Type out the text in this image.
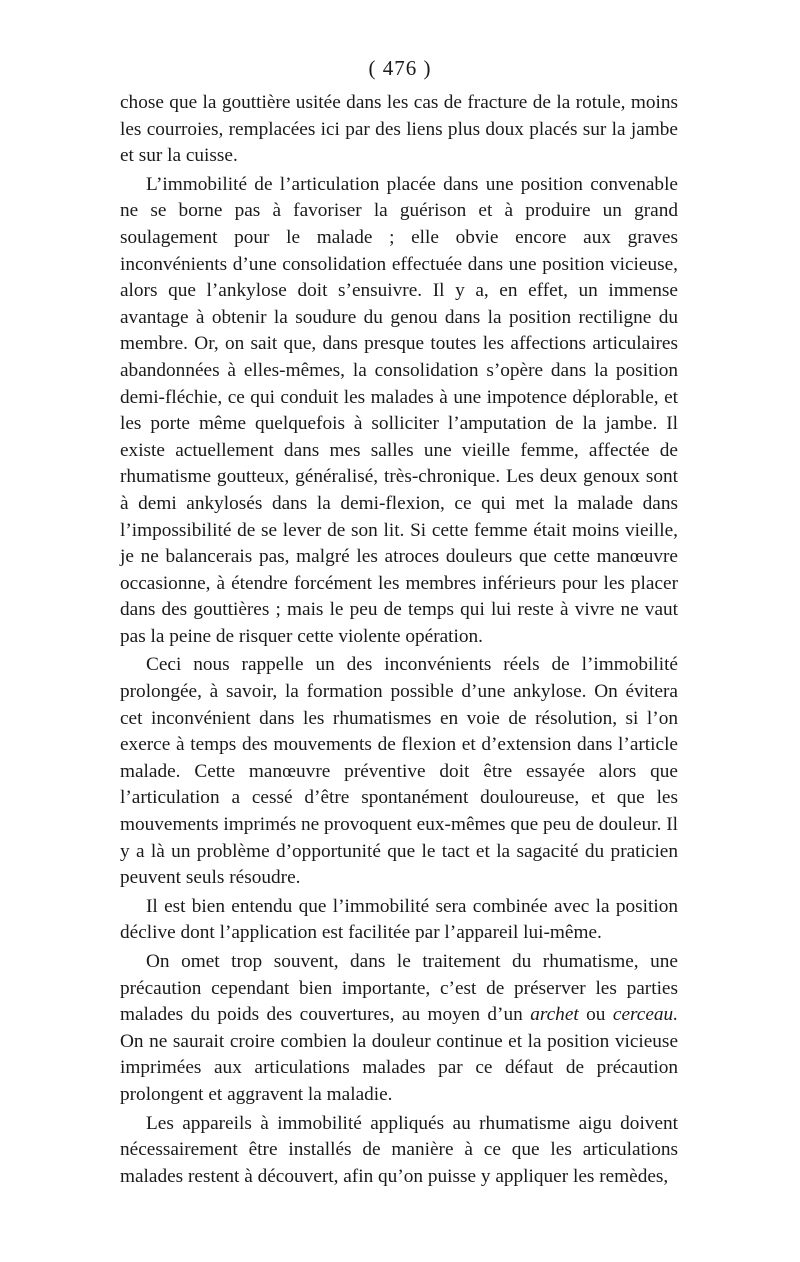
( 476 )

chose que la gouttière usitée dans les cas de fracture de la rotule, moins les courroies, remplacées ici par des liens plus doux placés sur la jambe et sur la cuisse.

L’immobilité de l’articulation placée dans une position convenable ne se borne pas à favoriser la guérison et à produire un grand soulagement pour le malade ; elle obvie encore aux graves inconvénients d’une consolidation effectuée dans une position vicieuse, alors que l’ankylose doit s’ensuivre. Il y a, en effet, un immense avantage à obtenir la soudure du genou dans la position rectiligne du membre. Or, on sait que, dans presque toutes les affections articulaires abandonnées à elles-mêmes, la consolidation s’opère dans la position demi-fléchie, ce qui conduit les malades à une impotence déplorable, et les porte même quelquefois à solliciter l’amputation de la jambe. Il existe actuellement dans mes salles une vieille femme, affectée de rhumatisme goutteux, généralisé, très-chronique. Les deux genoux sont à demi ankylosés dans la demi-flexion, ce qui met la malade dans l’impossibilité de se lever de son lit. Si cette femme était moins vieille, je ne balancerais pas, malgré les atroces douleurs que cette manœuvre occasionne, à étendre forcément les membres inférieurs pour les placer dans des gouttières ; mais le peu de temps qui lui reste à vivre ne vaut pas la peine de risquer cette violente opération.

Ceci nous rappelle un des inconvénients réels de l’immobilité prolongée, à savoir, la formation possible d’une ankylose. On évitera cet inconvénient dans les rhumatismes en voie de résolution, si l’on exerce à temps des mouvements de flexion et d’extension dans l’article malade. Cette manœuvre préventive doit être essayée alors que l’articulation a cessé d’être spontanément douloureuse, et que les mouvements imprimés ne provoquent eux-mêmes que peu de douleur. Il y a là un problème d’opportunité que le tact et la sagacité du praticien peuvent seuls résoudre.

Il est bien entendu que l’immobilité sera combinée avec la position déclive dont l’application est facilitée par l’appareil lui-même.

On omet trop souvent, dans le traitement du rhumatisme, une précaution cependant bien importante, c’est de préserver les parties malades du poids des couvertures, au moyen d’un archet ou cerceau. On ne saurait croire combien la douleur continue et la position vicieuse imprimées aux articulations malades par ce défaut de précaution prolongent et aggravent la maladie.

Les appareils à immobilité appliqués au rhumatisme aigu doivent nécessairement être installés de manière à ce que les articulations malades restent à découvert, afin qu’on puisse y appliquer les remèdes,
